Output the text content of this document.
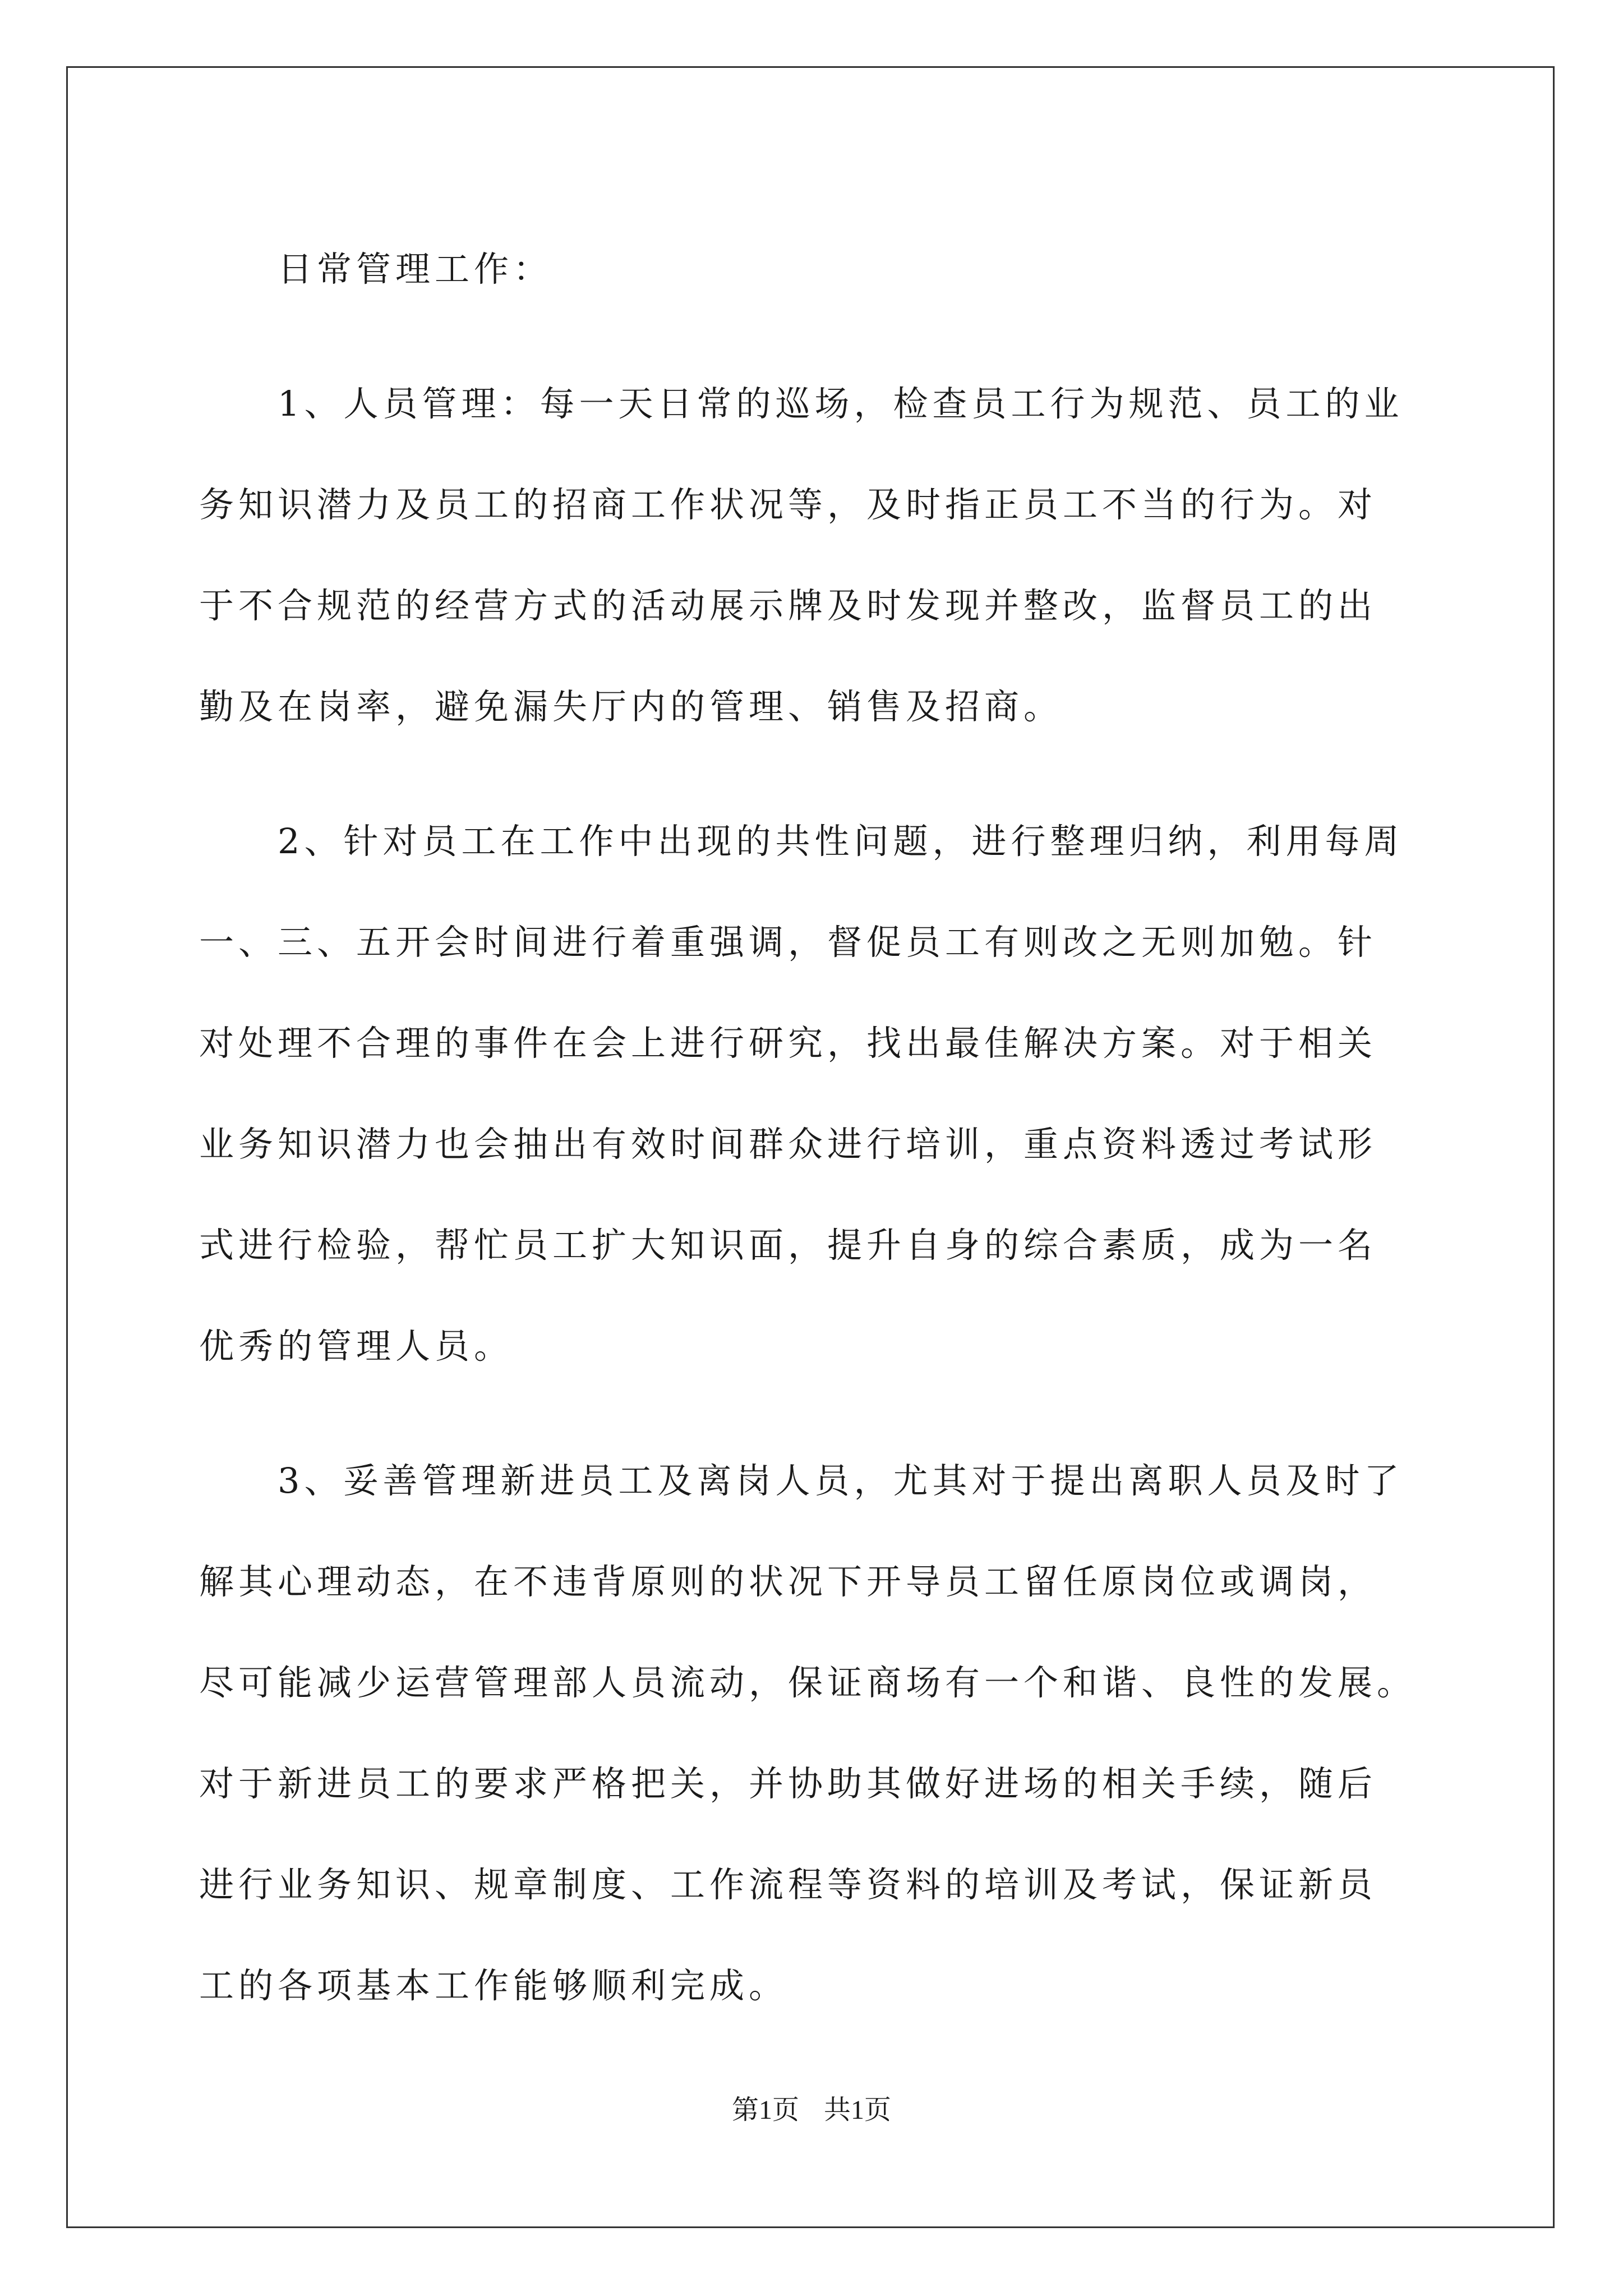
日常管理工作：

1、人员管理：每一天日常的巡场，检查员工行为规范、员工的业

务知识潜力及员工的招商工作状况等，及时指正员工不当的行为。对

于不合规范的经营方式的活动展示牌及时发现并整改，监督员工的出

勤及在岗率，避免漏失厅内的管理、销售及招商。

2、针对员工在工作中出现的共性问题，进行整理归纳，利用每周

一、三、五开会时间进行着重强调，督促员工有则改之无则加勉。针

对处理不合理的事件在会上进行研究，找出最佳解决方案。对于相关

业务知识潜力也会抽出有效时间群众进行培训，重点资料透过考试形

式进行检验，帮忙员工扩大知识面，提升自身的综合素质，成为一名

优秀的管理人员。

3、妥善管理新进员工及离岗人员，尤其对于提出离职人员及时了

解其心理动态，在不违背原则的状况下开导员工留任原岗位或调岗，

尽可能减少运营管理部人员流动，保证商场有一个和谐、良性的发展。

对于新进员工的要求严格把关，并协助其做好进场的相关手续，随后

进行业务知识、规章制度、工作流程等资料的培训及考试，保证新员

工的各项基本工作能够顺利完成。

第1页 共1页
